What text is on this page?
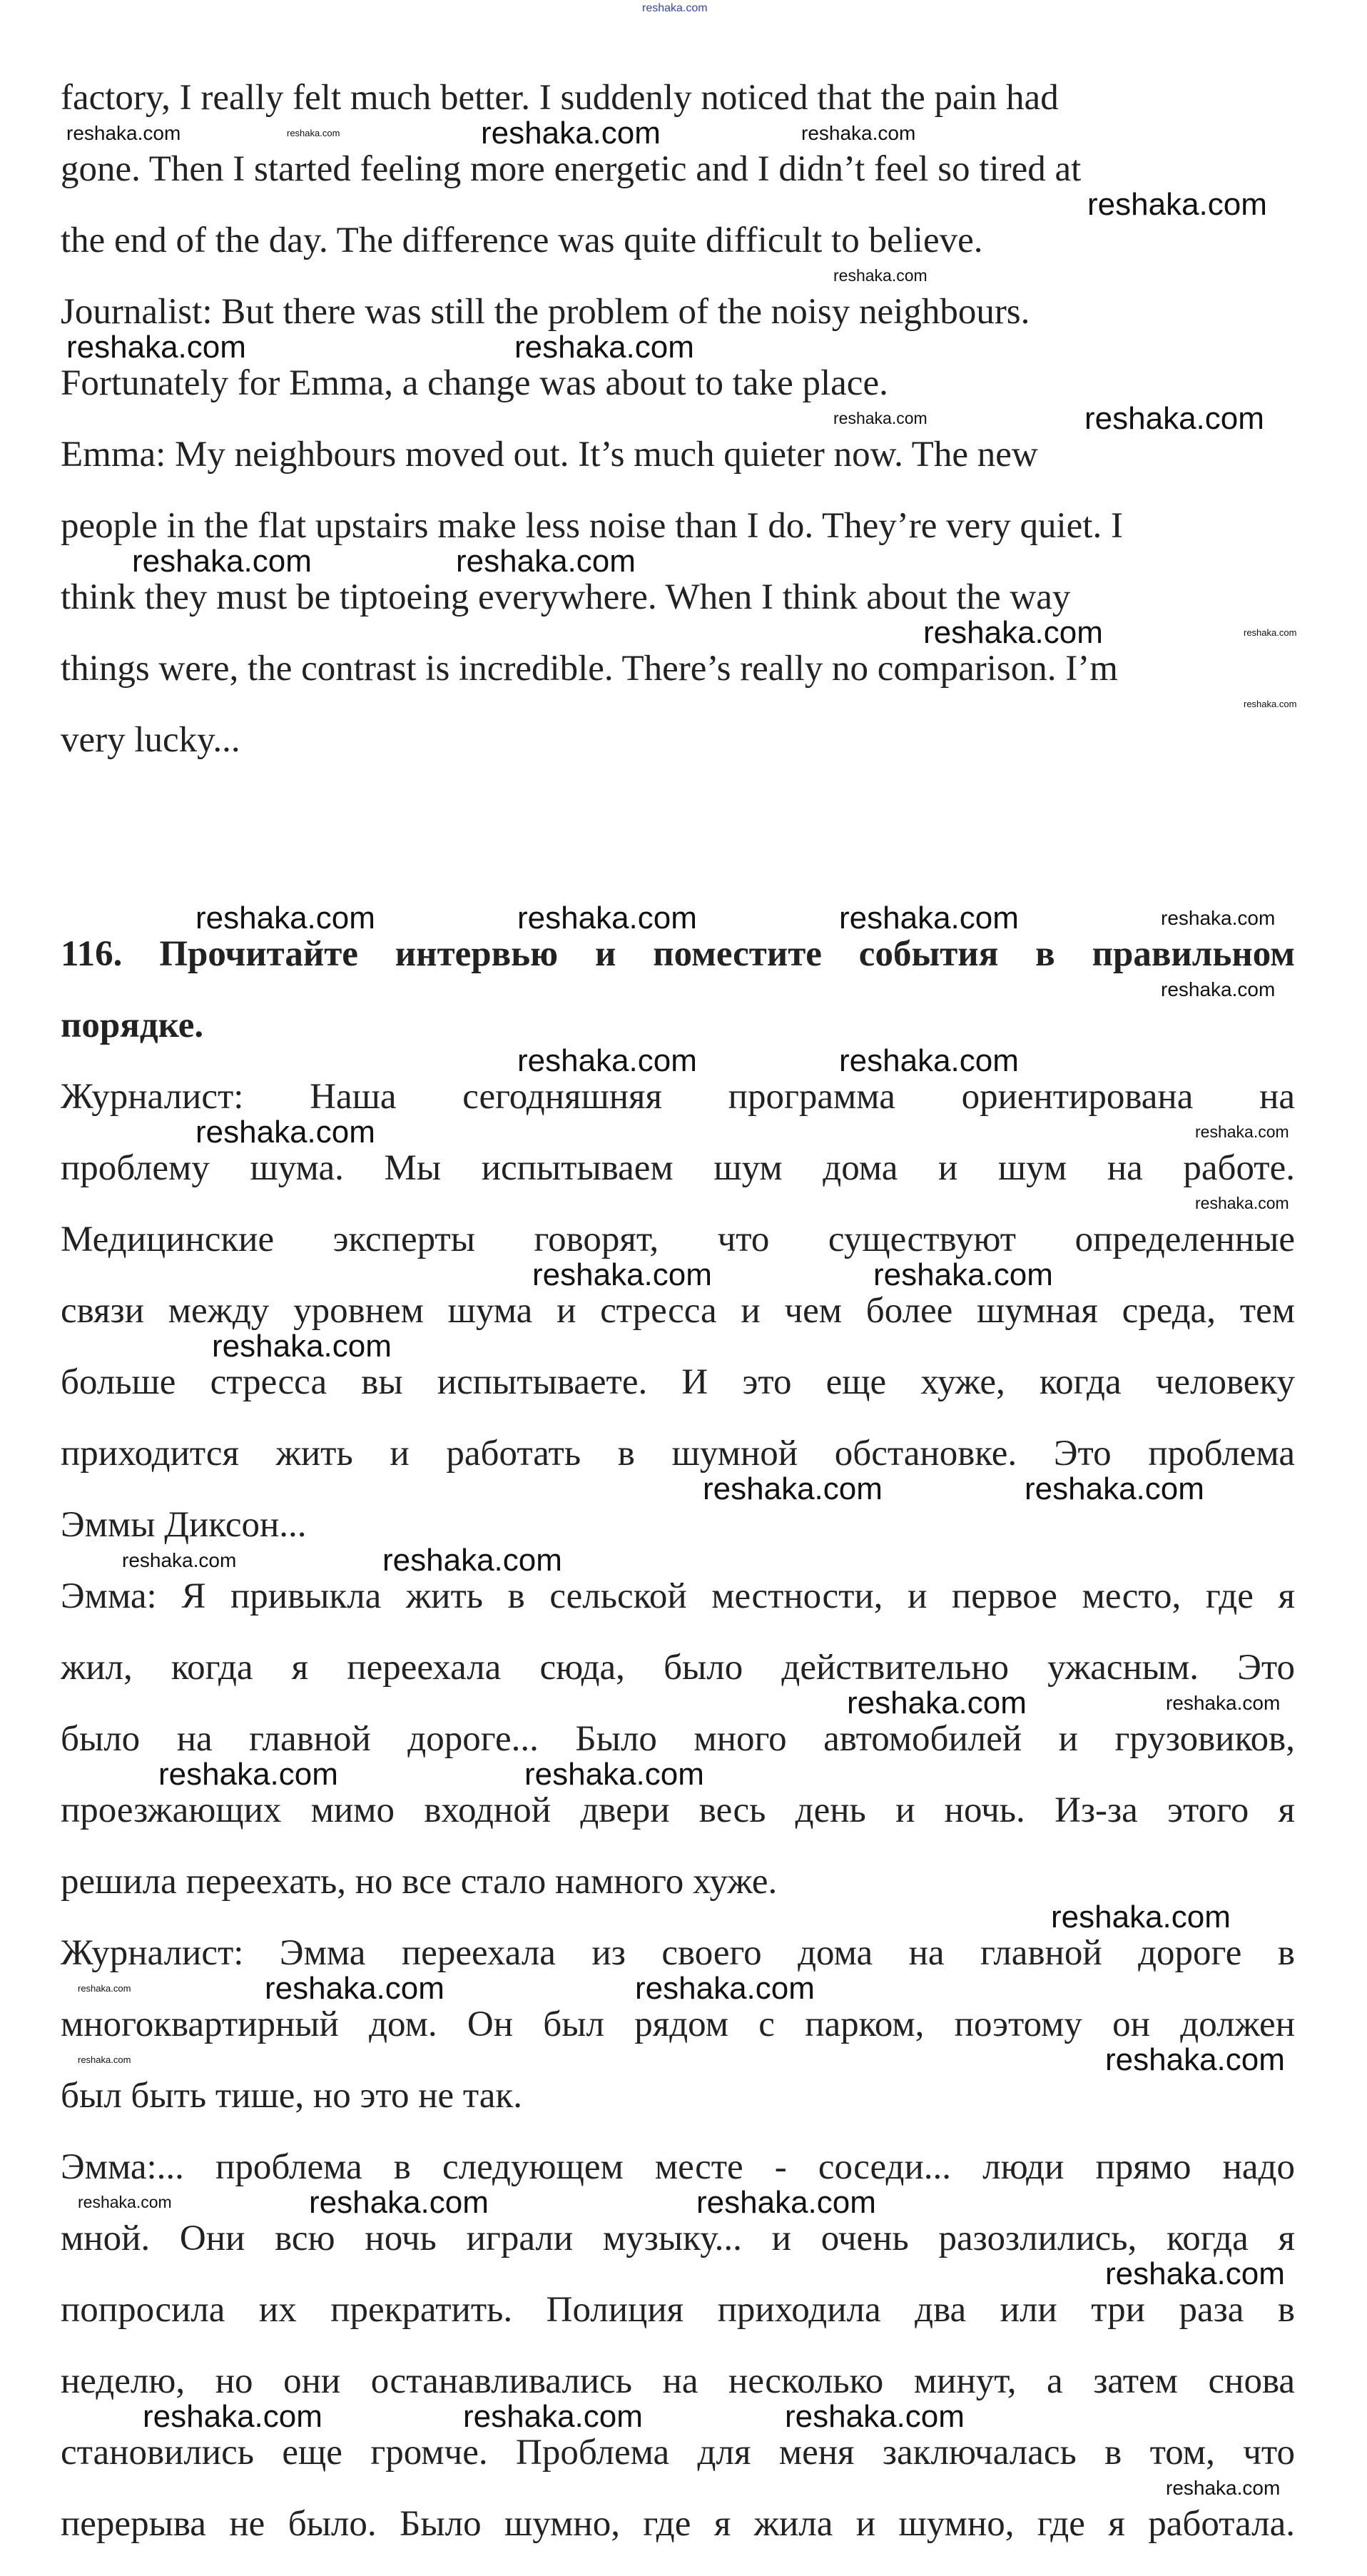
reshaka.com
factory, I really felt much better. I suddenly noticed that the pain had
gone. Then I started feeling more energetic and I didn’t feel so tired at
the end of the day. The difference was quite difficult to believe.
Journalist: But there was still the problem of the noisy neighbours.
Fortunately for Emma, a change was about to take place.
Emma: My neighbours moved out. It’s much quieter now. The new
people in the flat upstairs make less noise than I do. They’re very quiet. I
think they must be tiptoeing everywhere. When I think about the way
things were, the contrast is incredible. There’s really no comparison. I’m
very lucky...
116. Прочитайте интервью и поместите события в правильном
порядке.
Журналист: Наша сегодняшняя программа ориентирована на
проблему шума. Мы испытываем шум дома и шум на работе.
Медицинские эксперты говорят, что существуют определенные
связи между уровнем шума и стресса и чем более шумная среда, тем
больше стресса вы испытываете. И это еще хуже, когда человеку
приходится жить и работать в шумной обстановке. Это проблема
Эммы Диксон...
Эмма: Я привыкла жить в сельской местности, и первое место, где я
жил, когда я переехала сюда, было действительно ужасным. Это
было на главной дороге... Было много автомобилей и грузовиков,
проезжающих мимо входной двери весь день и ночь. Из-за этого я
решила переехать, но все стало намного хуже.
Журналист: Эмма переехала из своего дома на главной дороге в
многоквартирный дом. Он был рядом с парком, поэтому он должен
был быть тише, но это не так.
Эмма:... проблема в следующем месте - соседи... люди прямо надо
мной. Они всю ночь играли музыку... и очень разозлились, когда я
попросила их прекратить. Полиция приходила два или три раза в
неделю, но они останавливались на несколько минут, а затем снова
становились еще громче. Проблема для меня заключалась в том, что
перерыва не было. Было шумно, где я жила и шумно, где я работала.
reshaka.com	reshaka.com	reshaka.com	reshaka.com
reshaka.com
reshaka.com
reshaka.com	reshaka.com
reshaka.com	reshaka.com
reshaka.com	reshaka.com
reshaka.com
reshaka.com
reshaka.com
reshaka.com	reshaka.com	reshaka.com	reshaka.com
reshaka.com
reshaka.com	reshaka.com
reshaka.com	reshaka.com
reshaka.com
reshaka.com	reshaka.com
reshaka.com
reshaka.com	reshaka.com
reshaka.com	reshaka.com
reshaka.com	reshaka.com
reshaka.com	reshaka.com
reshaka.com
reshaka.com	reshaka.com	reshaka.com
reshaka.com	reshaka.com
reshaka.com	reshaka.com	reshaka.com
reshaka.com
reshaka.com	reshaka.com	reshaka.com
reshaka.com
